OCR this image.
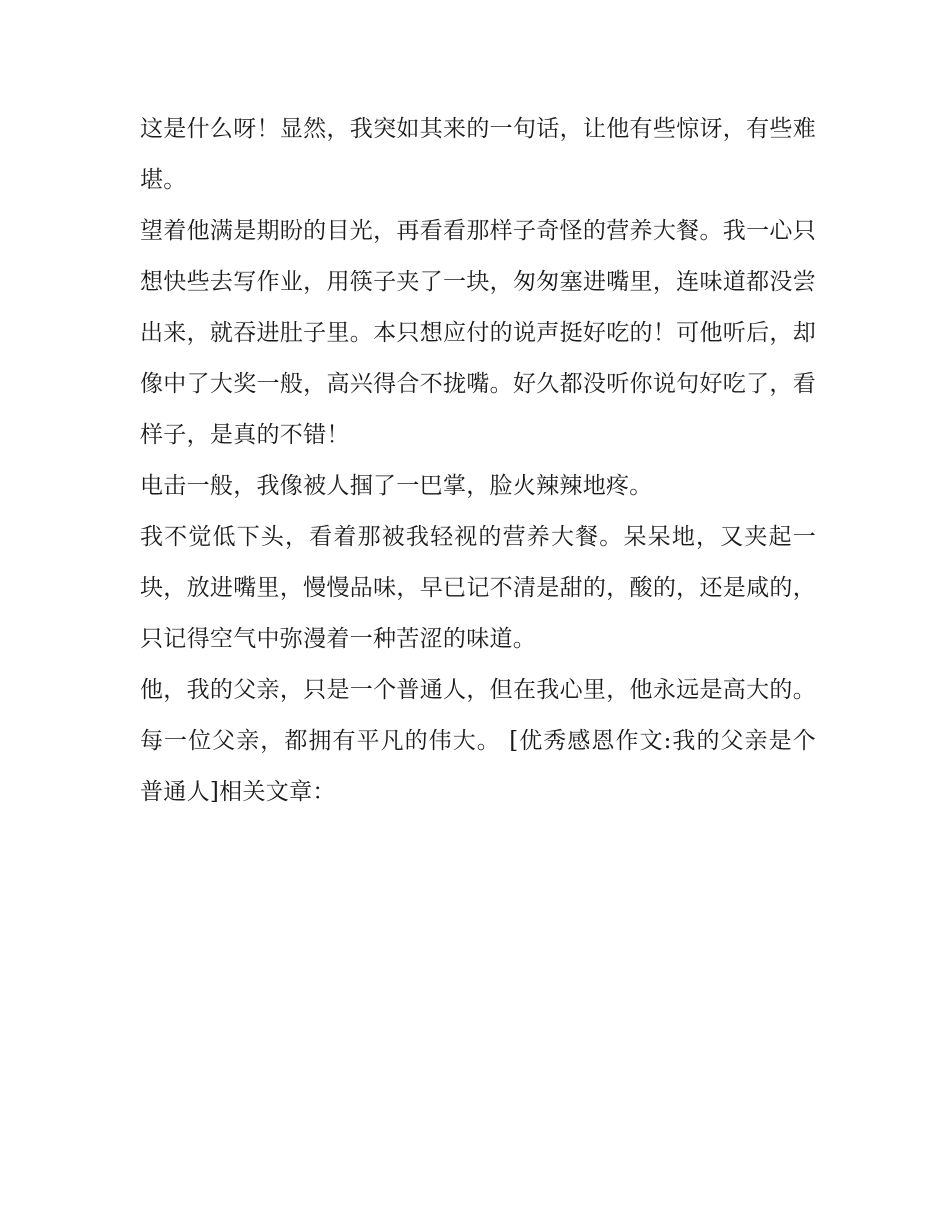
这是什么呀！显然，我突如其来的一句话，让他有些惊讶，有些难堪。

望着他满是期盼的目光，再看看那样子奇怪的营养大餐。我一心只想快些去写作业，用筷子夹了一块，匆匆塞进嘴里，连味道都没尝出来，就吞进肚子里。本只想应付的说声挺好吃的！可他听后，却像中了大奖一般，高兴得合不拢嘴。好久都没听你说句好吃了，看样子，是真的不错！

电击一般，我像被人掴了一巴掌，脸火辣辣地疼。

我不觉低下头，看着那被我轻视的营养大餐。呆呆地，又夹起一块，放进嘴里，慢慢品味，早已记不清是甜的，酸的，还是咸的，只记得空气中弥漫着一种苦涩的味道。

他，我的父亲，只是一个普通人，但在我心里，他永远是高大的。每一位父亲，都拥有平凡的伟大。 [优秀感恩作文:我的父亲是个普通人]相关文章：
